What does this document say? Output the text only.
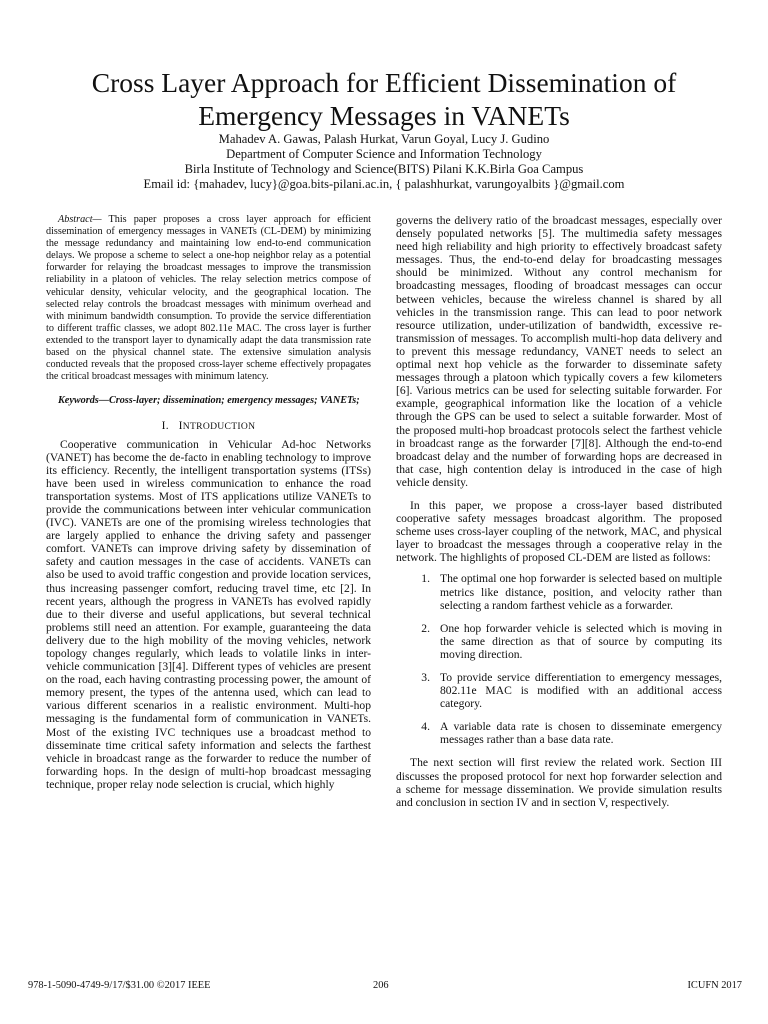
Cross Layer Approach for Efficient Dissemination of
Emergency Messages in VANETs
Mahadev A. Gawas, Palash Hurkat, Varun Goyal, Lucy J. Gudino
Department of Computer Science and Information Technology
Birla Institute of Technology and Science(BITS) Pilani K.K.Birla Goa Campus
Email id: {mahadev, lucy}@goa.bits-pilani.ac.in, { palashhurkat, varungoyalbits }@gmail.com

Abstract— This paper proposes a cross layer approach for efficient dissemination of emergency messages in VANETs (CL-DEM) by minimizing the message redundancy and maintaining low end-to-end communication delays. We propose a scheme to select a one-hop neighbor relay as a potential forwarder for relaying the broadcast messages to improve the transmission reliability in a platoon of vehicles. The relay selection metrics compose of vehicular density, vehicular velocity, and the geographical location. The selected relay controls the broadcast messages with minimum overhead and with minimum bandwidth consumption. To provide the service differentiation to different traffic classes, we adopt 802.11e MAC. The cross layer is further extended to the transport layer to dynamically adapt the data transmission rate based on the physical channel state. The extensive simulation analysis conducted reveals that the proposed cross-layer scheme effectively propagates the critical broadcast messages with minimum latency.

Keywords—Cross-layer; dissemination; emergency messages; VANETs;

I. INTRODUCTION

Cooperative communication in Vehicular Ad-hoc Networks (VANET) has become the de-facto in enabling technology to improve its efficiency. Recently, the intelligent transportation systems (ITSs) have been used in wireless communication to enhance the road transportation systems. Most of ITS applications utilize VANETs to provide the communications between inter vehicular communication (IVC). VANETs are one of the promising wireless technologies that are largely applied to enhance the driving safety and passenger comfort. VANETs can improve driving safety by dissemination of safety and caution messages in the case of accidents. VANETs can also be used to avoid traffic congestion and provide location services, thus increasing passenger comfort, reducing travel time, etc [2]. In recent years, although the progress in VANETs has evolved rapidly due to their diverse and useful applications, but several technical problems still need an attention. For example, guaranteeing the data delivery due to the high mobility of the moving vehicles, network topology changes regularly, which leads to volatile links in inter-vehicle communication [3][4]. Different types of vehicles are present on the road, each having contrasting processing power, the amount of memory present, the types of the antenna used, which can lead to various different scenarios in a realistic environment. Multi-hop messaging is the fundamental form of communication in VANETs. Most of the existing IVC techniques use a broadcast method to disseminate time critical safety information and selects the farthest vehicle in broadcast range as the forwarder to reduce the number of forwarding hops. In the design of multi-hop broadcast messaging technique, proper relay node selection is crucial, which highly

governs the delivery ratio of the broadcast messages, especially over densely populated networks [5]. The multimedia safety messages need high reliability and high priority to effectively broadcast safety messages. Thus, the end-to-end delay for broadcasting messages should be minimized. Without any control mechanism for broadcasting messages, flooding of broadcast messages can occur between vehicles, because the wireless channel is shared by all vehicles in the transmission range. This can lead to poor network resource utilization, under-utilization of bandwidth, excessive re-transmission of messages. To accomplish multi-hop data delivery and to prevent this message redundancy, VANET needs to select an optimal next hop vehicle as the forwarder to disseminate safety messages through a platoon which typically covers a few kilometers [6]. Various metrics can be used for selecting suitable forwarder. For example, geographical information like the location of a vehicle through the GPS can be used to select a suitable forwarder. Most of the proposed multi-hop broadcast protocols select the farthest vehicle in broadcast range as the forwarder [7][8]. Although the end-to-end broadcast delay and the number of forwarding hops are decreased in that case, high contention delay is introduced in the case of high vehicle density.

In this paper, we propose a cross-layer based distributed cooperative safety messages broadcast algorithm. The proposed scheme uses cross-layer coupling of the network, MAC, and physical layer to broadcast the messages through a cooperative relay in the network. The highlights of proposed CL-DEM are listed as follows:

1. The optimal one hop forwarder is selected based on multiple metrics like distance, position, and velocity rather than selecting a random farthest vehicle as a forwarder.
2. One hop forwarder vehicle is selected which is moving in the same direction as that of source by computing its moving direction.
3. To provide service differentiation to emergency messages, 802.11e MAC is modified with an additional access category.
4. A variable data rate is chosen to disseminate emergency messages rather than a base data rate.

The next section will first review the related work. Section III discusses the proposed protocol for next hop forwarder selection and a scheme for message dissemination. We provide simulation results and conclusion in section IV and in section V, respectively.

978-1-5090-4749-9/17/$31.00 ©2017 IEEE	206	ICUFN 2017
